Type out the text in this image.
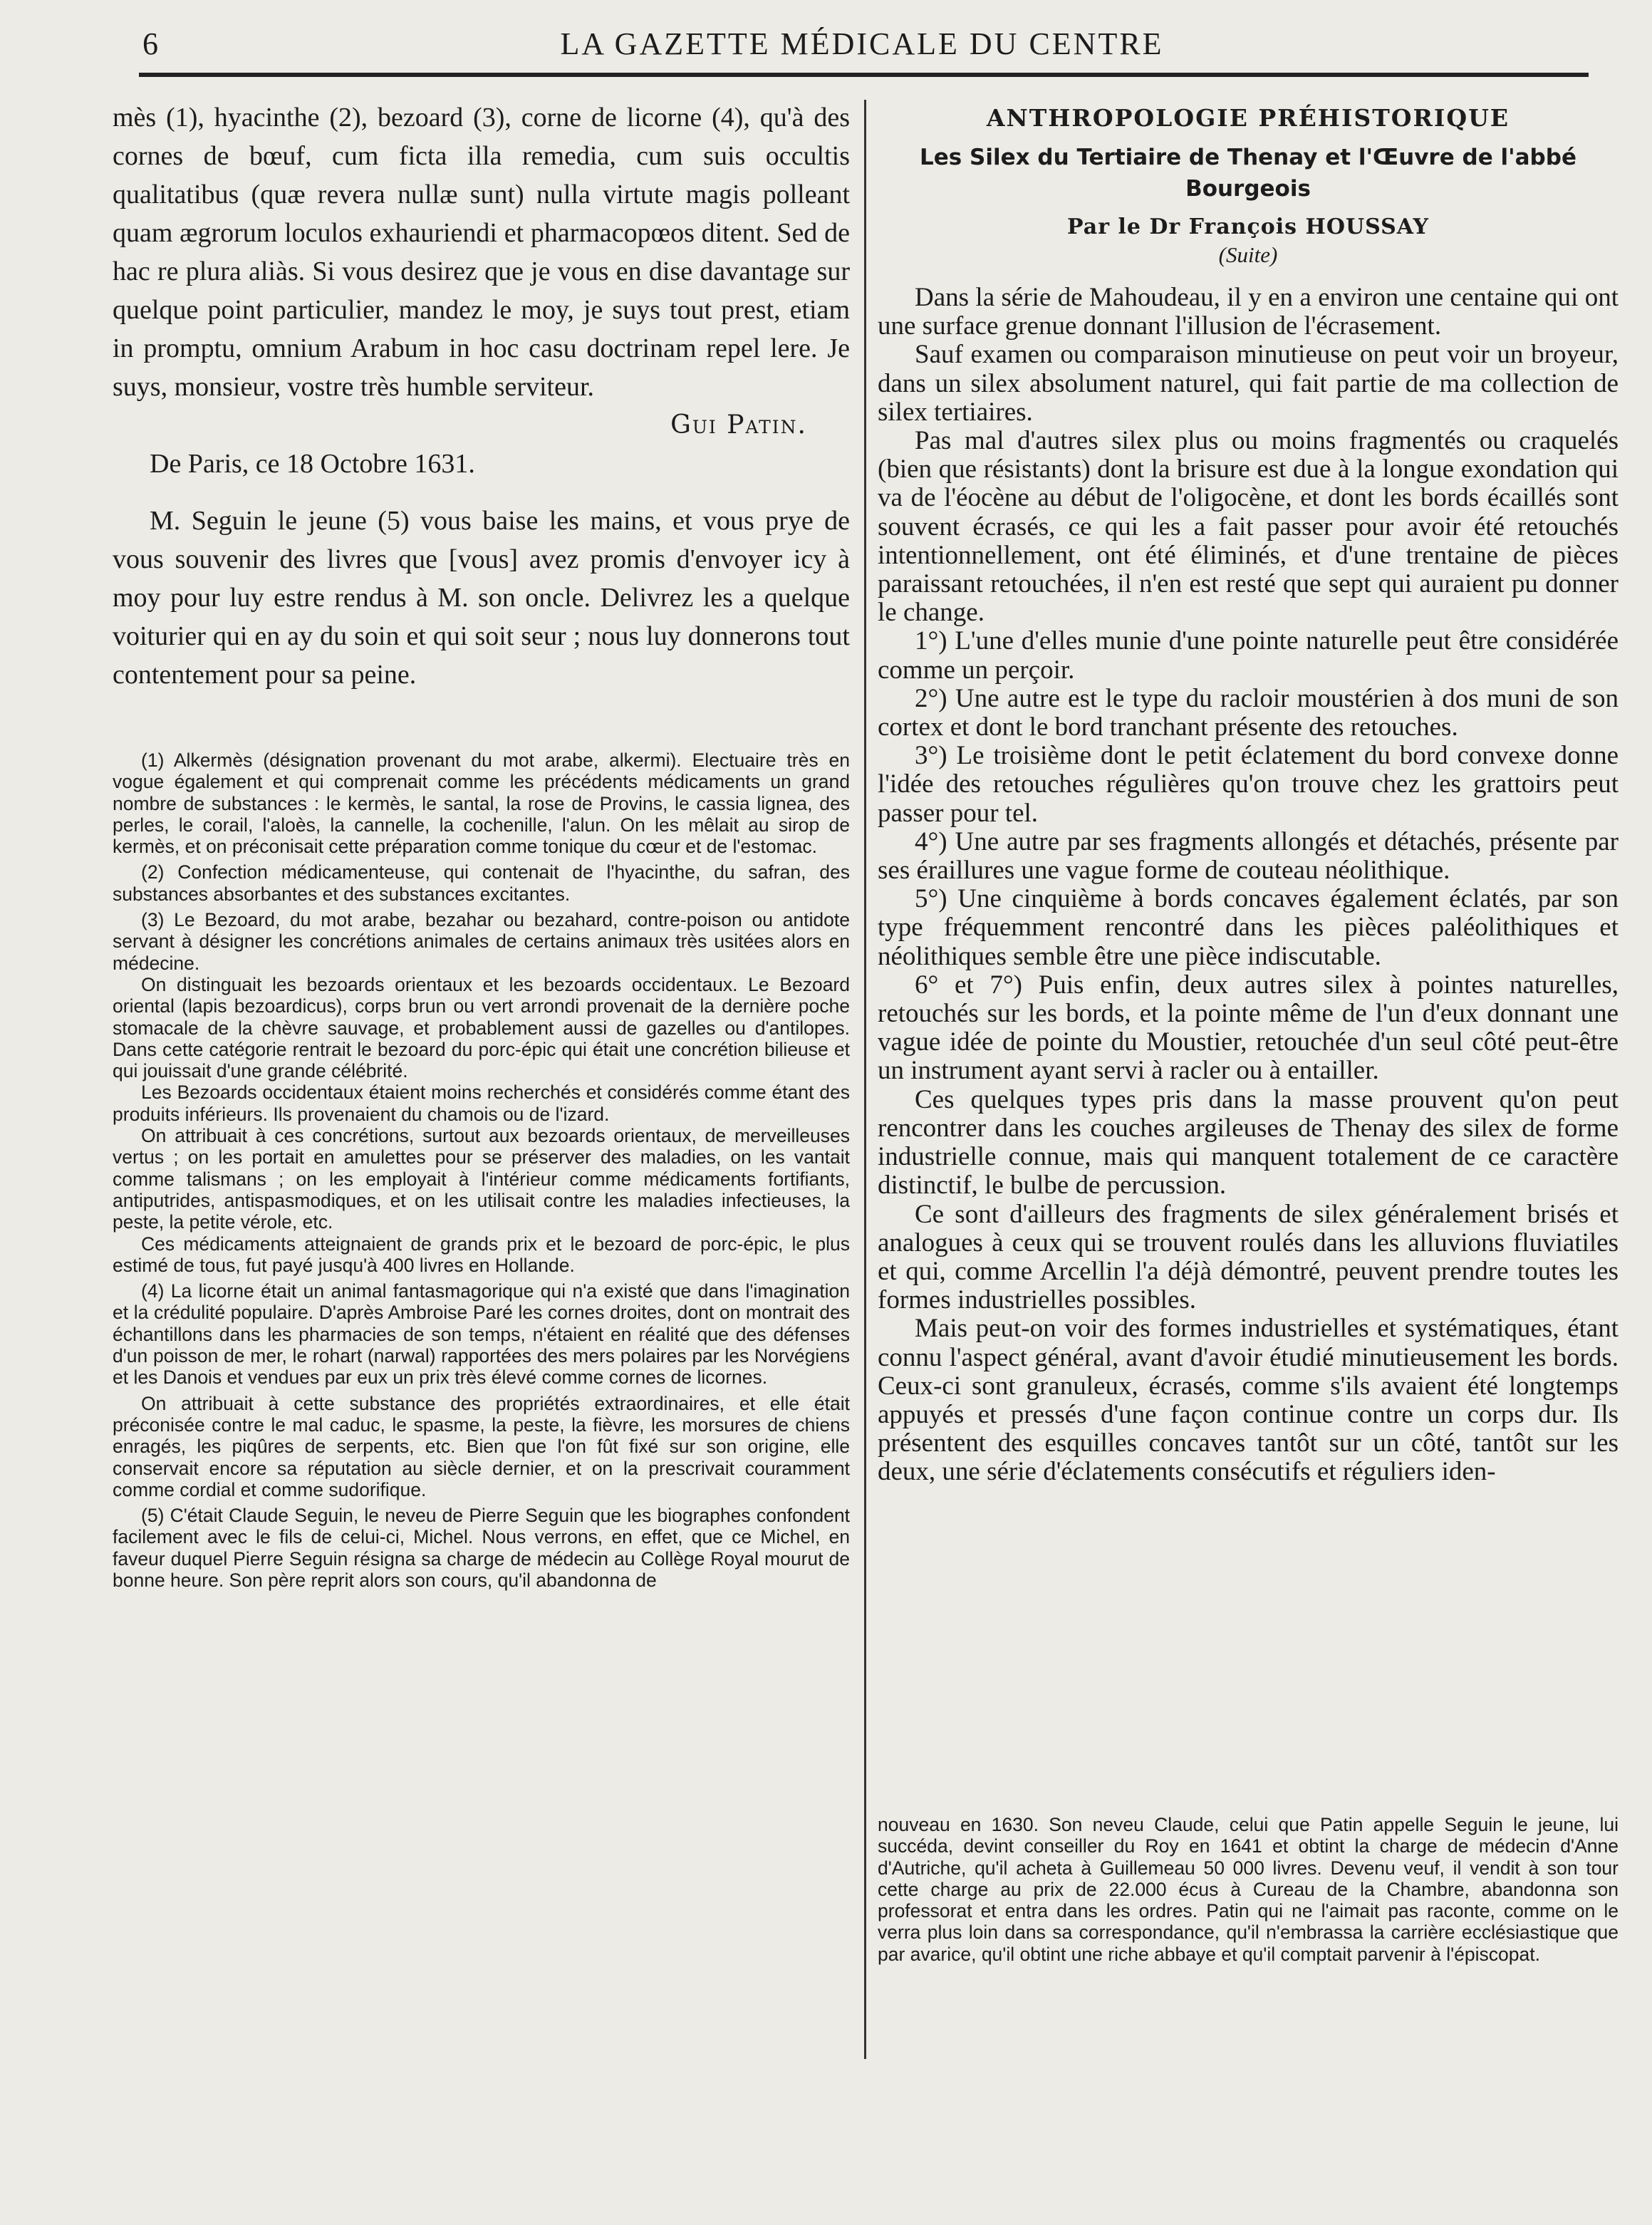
6	LA GAZETTE MÉDICALE DU CENTRE

mès (1), hyacinthe (2), bezoard (3), corne de licorne (4), qu'à des cornes de bœuf, cum ficta illa remedia, cum suis occultis qualitatibus (quæ revera nullæ sunt) nulla virtute magis polleant quam ægrorum loculos exhauriendi et pharmacopœos ditent. Sed de hac re plura aliàs. Si vous desirez que je vous en dise davantage sur quelque point particulier, mandez le moy, je suys tout prest, etiam in promptu, omnium Arabum in hoc casu doctrinam repel lere. Je suys, monsieur, vostre très humble serviteur.

Gui Patin.

De Paris, ce 18 Octobre 1631.

M. Seguin le jeune (5) vous baise les mains, et vous prye de vous souvenir des livres que [vous] avez promis d'envoyer icy à moy pour luy estre rendus à M. son oncle. Delivrez les a quelque voiturier qui en ay du soin et qui soit seur ; nous luy donnerons tout contentement pour sa peine.

(1) Alkermès (désignation provenant du mot arabe, alkermi). Electuaire très en vogue également et qui comprenait comme les précédents médicaments un grand nombre de substances : le kermès, le santal, la rose de Provins, le cassia lignea, des perles, le corail, l'aloès, la cannelle, la cochenille, l'alun. On les mêlait au sirop de kermès, et on préconisait cette préparation comme tonique du cœur et de l'estomac.

(2) Confection médicamenteuse, qui contenait de l'hyacinthe, du safran, des substances absorbantes et des substances excitantes.

(3) Le Bezoard, du mot arabe, bezahar ou bezahard, contre-poison ou antidote servant à désigner les concrétions animales de certains animaux très usitées alors en médecine.

On distinguait les bezoards orientaux et les bezoards occidentaux. Le Bezoard oriental (lapis bezoardicus), corps brun ou vert arrondi provenait de la dernière poche stomacale de la chèvre sauvage, et probablement aussi de gazelles ou d'antilopes. Dans cette catégorie rentrait le bezoard du porc-épic qui était une concrétion bilieuse et qui jouissait d'une grande célébrité.

Les Bezoards occidentaux étaient moins recherchés et considérés comme étant des produits inférieurs. Ils provenaient du chamois ou de l'izard.

On attribuait à ces concrétions, surtout aux bezoards orientaux, de merveilleuses vertus ; on les portait en amulettes pour se préserver des maladies, on les vantait comme talismans ; on les employait à l'intérieur comme médicaments fortifiants, antiputrides, antispasmodiques, et on les utilisait contre les maladies infectieuses, la peste, la petite vérole, etc.

Ces médicaments atteignaient de grands prix et le bezoard de porc-épic, le plus estimé de tous, fut payé jusqu'à 400 livres en Hollande.

(4) La licorne était un animal fantasmagorique qui n'a existé que dans l'imagination et la crédulité populaire. D'après Ambroise Paré les cornes droites, dont on montrait des échantillons dans les pharmacies de son temps, n'étaient en réalité que des défenses d'un poisson de mer, le rohart (narwal) rapportées des mers polaires par les Norvégiens et les Danois et vendues par eux un prix très élevé comme cornes de licornes.

On attribuait à cette substance des propriétés extraordinaires, et elle était préconisée contre le mal caduc, le spasme, la peste, la fièvre, les morsures de chiens enragés, les piqûres de serpents, etc. Bien que l'on fût fixé sur son origine, elle conservait encore sa réputation au siècle dernier, et on la prescrivait couramment comme cordial et comme sudorifique.

(5) C'était Claude Seguin, le neveu de Pierre Seguin que les biographes confondent facilement avec le fils de celui-ci, Michel. Nous verrons, en effet, que ce Michel, en faveur duquel Pierre Seguin résigna sa charge de médecin au Collège Royal mourut de bonne heure. Son père reprit alors son cours, qu'il abandonna de

ANTHROPOLOGIE PRÉHISTORIQUE
Les Silex du Tertiaire de Thenay et l'Œuvre de l'abbé Bourgeois
Par le Dr François HOUSSAY
(Suite)

Dans la série de Mahoudeau, il y en a environ une centaine qui ont une surface grenue donnant l'illusion de l'écrasement.

Sauf examen ou comparaison minutieuse on peut voir un broyeur, dans un silex absolument naturel, qui fait partie de ma collection de silex tertiaires.

Pas mal d'autres silex plus ou moins fragmentés ou craquelés (bien que résistants) dont la brisure est due à la longue exondation qui va de l'éocène au début de l'oligocène, et dont les bords écaillés sont souvent écrasés, ce qui les a fait passer pour avoir été retouchés intentionnellement, ont été éliminés, et d'une trentaine de pièces paraissant retouchées, il n'en est resté que sept qui auraient pu donner le change.

1°) L'une d'elles munie d'une pointe naturelle peut être considérée comme un perçoir.

2°) Une autre est le type du racloir moustérien à dos muni de son cortex et dont le bord tranchant présente des retouches.

3°) Le troisième dont le petit éclatement du bord convexe donne l'idée des retouches régulières qu'on trouve chez les grattoirs peut passer pour tel.

4°) Une autre par ses fragments allongés et détachés, présente par ses éraillures une vague forme de couteau néolithique.

5°) Une cinquième à bords concaves également éclatés, par son type fréquemment rencontré dans les pièces paléolithiques et néolithiques semble être une pièce indiscutable.

6° et 7°) Puis enfin, deux autres silex à pointes naturelles, retouchés sur les bords, et la pointe même de l'un d'eux donnant une vague idée de pointe du Moustier, retouchée d'un seul côté peut-être un instrument ayant servi à racler ou à entailler.

Ces quelques types pris dans la masse prouvent qu'on peut rencontrer dans les couches argileuses de Thenay des silex de forme industrielle connue, mais qui manquent totalement de ce caractère distinctif, le bulbe de percussion.

Ce sont d'ailleurs des fragments de silex généralement brisés et analogues à ceux qui se trouvent roulés dans les alluvions fluviatiles et qui, comme Arcellin l'a déjà démontré, peuvent prendre toutes les formes industrielles possibles.

Mais peut-on voir des formes industrielles et systématiques, étant connu l'aspect général, avant d'avoir étudié minutieusement les bords. Ceux-ci sont granuleux, écrasés, comme s'ils avaient été longtemps appuyés et pressés d'une façon continue contre un corps dur. Ils présentent des esquilles concaves tantôt sur un côté, tantôt sur les deux, une série d'éclatements consécutifs et réguliers iden-

nouveau en 1630. Son neveu Claude, celui que Patin appelle Seguin le jeune, lui succéda, devint conseiller du Roy en 1641 et obtint la charge de médecin d'Anne d'Autriche, qu'il acheta à Guillemeau 50 000 livres. Devenu veuf, il vendit à son tour cette charge au prix de 22.000 écus à Cureau de la Chambre, abandonna son professorat et entra dans les ordres. Patin qui ne l'aimait pas raconte, comme on le verra plus loin dans sa correspondance, qu'il n'embrassa la carrière ecclésiastique que par avarice, qu'il obtint une riche abbaye et qu'il comptait parvenir à l'épiscopat.
